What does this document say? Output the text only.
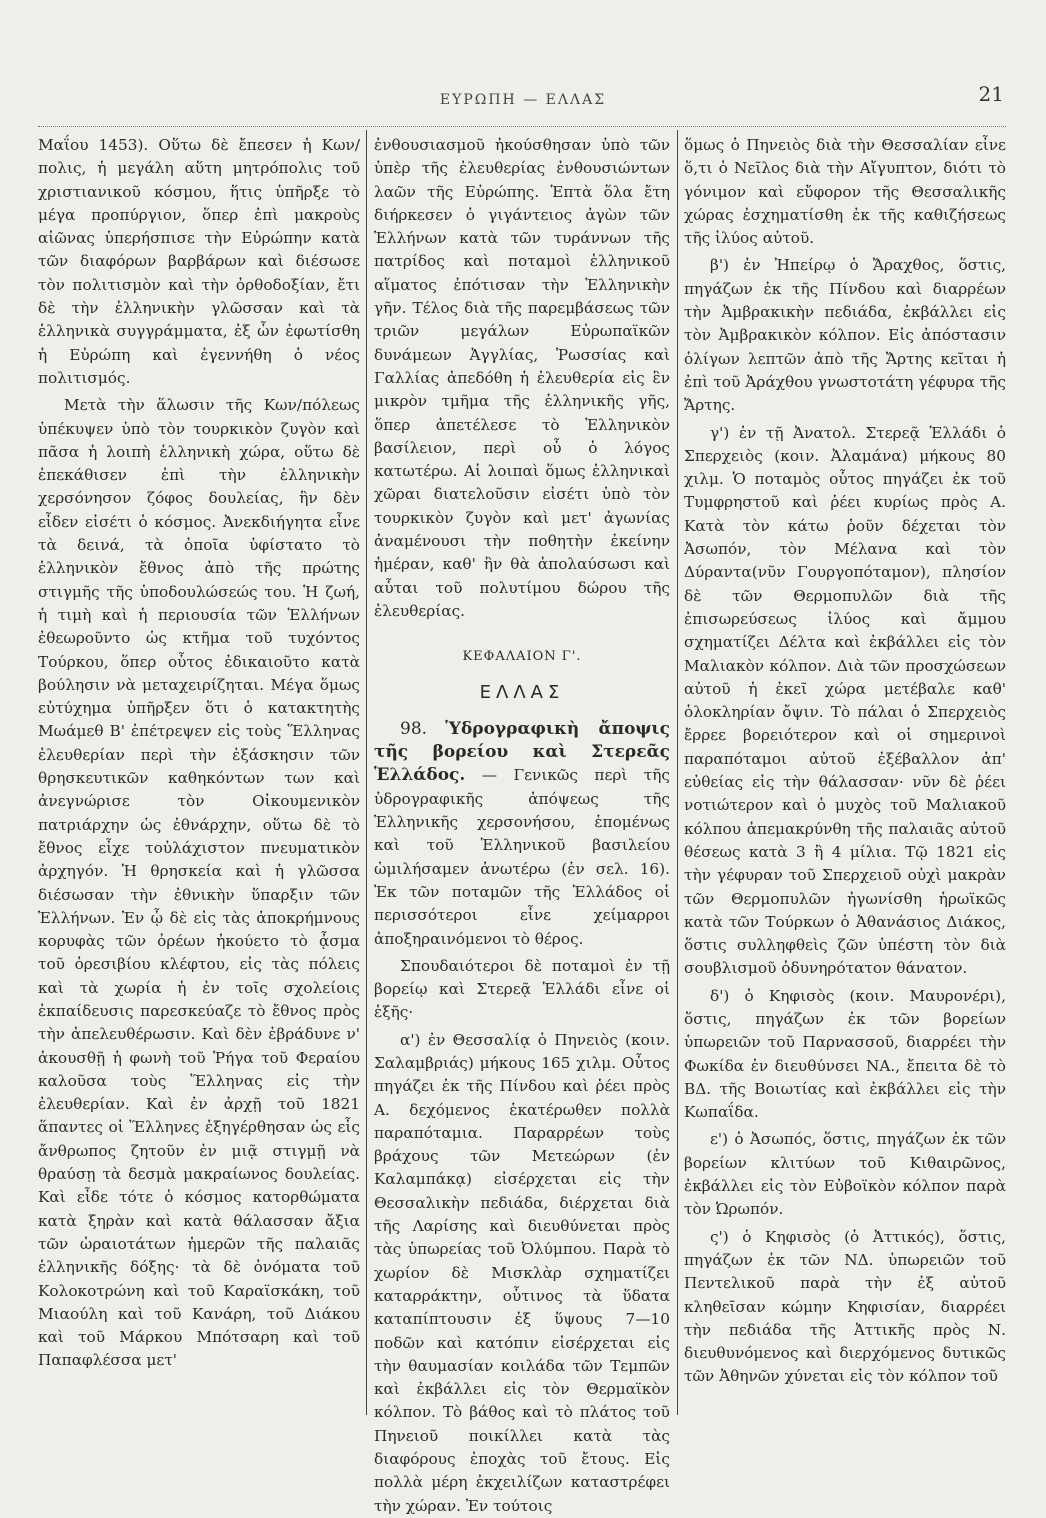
ΕΥΡΩΠΗ — ΕΛΛΑΣ	21

Μαΐου 1453). Οὕτω δὲ ἔπεσεν ἡ Κων/πολις, ἡ μεγάλη αὕτη μητρόπολις τοῦ χριστιανικοῦ κόσμου, ἥτις ὑπῆρξε τὸ μέγα προπύργιον, ὅπερ ἐπὶ μακροὺς αἰῶνας ὑπερήσπισε τὴν Εὐρώπην κατὰ τῶν διαφόρων βαρβάρων καὶ διέσωσε τὸν πολιτισμὸν καὶ τὴν ὀρθοδοξίαν, ἔτι δὲ τὴν ἑλληνικὴν γλῶσσαν καὶ τὰ ἑλληνικὰ συγγράμματα, ἐξ ὧν ἐφωτίσθη ἡ Εὐρώπη καὶ ἐγεννήθη ὁ νέος πολιτισμός.

Μετὰ τὴν ἅλωσιν τῆς Κων/πόλεως ὑπέκυψεν ὑπὸ τὸν τουρκικὸν ζυγὸν καὶ πᾶσα ἡ λοιπὴ ἑλληνικὴ χώρα, οὕτω δὲ ἐπεκάθισεν ἐπὶ τὴν ἑλληνικὴν χερσόνησον ζόφος δουλείας, ἣν δὲν εἶδεν εἰσέτι ὁ κόσμος. Ἀνεκδιήγητα εἶνε τὰ δεινά, τὰ ὁποῖα ὑφίστατο τὸ ἑλληνικὸν ἔθνος ἀπὸ τῆς πρώτης στιγμῆς τῆς ὑποδουλώσεώς του. Ἡ ζωή, ἡ τιμὴ καὶ ἡ περιουσία τῶν Ἑλλήνων ἐθεωροῦντο ὡς κτῆμα τοῦ τυχόντος Τούρκου, ὅπερ οὗτος ἐδικαιοῦτο κατὰ βούλησιν νὰ μεταχειρίζηται. Μέγα ὅμως εὐτύχημα ὑπῆρξεν ὅτι ὁ κατακτητὴς Μωάμεθ Β' ἐπέτρεψεν εἰς τοὺς Ἕλληνας ἐλευθερίαν περὶ τὴν ἐξάσκησιν τῶν θρησκευτικῶν καθηκόντων των καὶ ἀνεγνώρισε τὸν Οἰκουμενικὸν πατριάρχην ὡς ἐθνάρχην, οὕτω δὲ τὸ ἔθνος εἶχε τοὐλάχιστον πνευματικὸν ἀρχηγόν. Ἡ θρησκεία καὶ ἡ γλῶσσα διέσωσαν τὴν ἐθνικὴν ὕπαρξιν τῶν Ἑλλήνων. Ἐν ᾧ δὲ εἰς τὰς ἀποκρήμνους κορυφὰς τῶν ὀρέων ἠκούετο τὸ ᾆσμα τοῦ ὀρεσιβίου κλέφτου, εἰς τὰς πόλεις καὶ τὰ χωρία ἡ ἐν τοῖς σχολείοις ἐκπαίδευσις παρεσκεύαζε τὸ ἔθνος πρὸς τὴν ἀπελευθέρωσιν. Καὶ δὲν ἐβράδυνε ν' ἀκουσθῇ ἡ φωνὴ τοῦ Ῥήγα τοῦ Φεραίου καλοῦσα τοὺς Ἕλληνας εἰς τὴν ἐλευθερίαν. Καὶ ἐν ἀρχῇ τοῦ 1821 ἅπαντες οἱ Ἕλληνες ἐξηγέρθησαν ὡς εἷς ἄνθρωπος ζητοῦν ἐν μιᾷ στιγμῇ νὰ θραύσῃ τὰ δεσμὰ μακραίωνος δουλείας. Καὶ εἶδε τότε ὁ κόσμος κατορθώματα κατὰ ξηρὰν καὶ κατὰ θάλασσαν ἄξια τῶν ὡραιοτάτων ἡμερῶν τῆς παλαιᾶς ἑλληνικῆς δόξης· τὰ δὲ ὀνόματα τοῦ Κολοκοτρώνη καὶ τοῦ Καραϊσκάκη, τοῦ Μιαούλη καὶ τοῦ Κανάρη, τοῦ Διάκου καὶ τοῦ Μάρκου Μπότσαρη καὶ τοῦ Παπαφλέσσα μετ'

ἐνθουσιασμοῦ ἠκούσθησαν ὑπὸ τῶν ὑπὲρ τῆς ἐλευθερίας ἐνθουσιώντων λαῶν τῆς Εὐρώπης. Ἑπτὰ ὅλα ἔτη διήρκεσεν ὁ γιγάντειος ἀγὼν τῶν Ἑλλήνων κατὰ τῶν τυράννων τῆς πατρίδος καὶ ποταμοὶ ἑλληνικοῦ αἵματος ἐπότισαν τὴν Ἑλληνικὴν γῆν. Τέλος διὰ τῆς παρεμβάσεως τῶν τριῶν μεγάλων Εὐρωπαϊκῶν δυνάμεων Ἀγγλίας, Ῥωσσίας καὶ Γαλλίας ἀπεδόθη ἡ ἐλευθερία εἰς ἓν μικρὸν τμῆμα τῆς ἑλληνικῆς γῆς, ὅπερ ἀπετέλεσε τὸ Ἑλληνικὸν βασίλειον, περὶ οὗ ὁ λόγος κατωτέρω. Αἱ λοιπαὶ ὅμως ἑλληνικαὶ χῶραι διατελοῦσιν εἰσέτι ὑπὸ τὸν τουρκικὸν ζυγὸν καὶ μετ' ἀγωνίας ἀναμένουσι τὴν ποθητὴν ἐκείνην ἡμέραν, καθ' ἣν θὰ ἀπολαύσωσι καὶ αὗται τοῦ πολυτίμου δώρου τῆς ἐλευθερίας.

ΚΕΦΑΛΑΙΟΝ Γ'.
ΕΛΛΑΣ

98. Ὑδρογραφικὴ ἄποψις τῆς βορείου καὶ Στερεᾶς Ἑλλάδος. — Γενικῶς περὶ τῆς ὑδρογραφικῆς ἀπόψεως τῆς Ἑλληνικῆς χερσονήσου, ἑπομένως καὶ τοῦ Ἑλληνικοῦ βασιλείου ὡμιλήσαμεν ἀνωτέρω (ἐν σελ. 16). Ἐκ τῶν ποταμῶν τῆς Ἑλλάδος οἱ περισσότεροι εἶνε χείμαρροι ἀποξηραινόμενοι τὸ θέρος.

Σπουδαιότεροι δὲ ποταμοὶ ἐν τῇ βορείῳ καὶ Στερεᾷ Ἑλλάδι εἶνε οἱ ἑξῆς·

α') ἐν Θεσσαλίᾳ ὁ Πηνειὸς (κοιν. Σαλαμβριάς) μήκους 165 χιλμ. Οὗτος πηγάζει ἐκ τῆς Πίνδου καὶ ῥέει πρὸς Α. δεχόμενος ἑκατέρωθεν πολλὰ παραπόταμια. Παραρρέων τοὺς βράχους τῶν Μετεώρων (ἐν Καλαμπάκᾳ) εἰσέρχεται εἰς τὴν Θεσσαλικὴν πεδιάδα, διέρχεται διὰ τῆς Λαρίσης καὶ διευθύνεται πρὸς τὰς ὑπωρείας τοῦ Ὀλύμπου. Παρὰ τὸ χωρίον δὲ Μισκλὰρ σχηματίζει καταρράκτην, οὗτινος τὰ ὕδατα καταπίπτουσιν ἐξ ὕψους 7—10 ποδῶν καὶ κατόπιν εἰσέρχεται εἰς τὴν θαυμασίαν κοιλάδα τῶν Τεμπῶν καὶ ἐκβάλλει εἰς τὸν Θερμαϊκὸν κόλπον. Τὸ βάθος καὶ τὸ πλάτος τοῦ Πηνειοῦ ποικίλλει κατὰ τὰς διαφόρους ἐποχὰς τοῦ ἔτους. Εἰς πολλὰ μέρη ἐκχειλίζων καταστρέφει τὴν χώραν. Ἐν τούτοις

ὅμως ὁ Πηνειὸς διὰ τὴν Θεσσαλίαν εἶνε ὅ,τι ὁ Νεῖλος διὰ τὴν Αἴγυπτον, διότι τὸ γόνιμον καὶ εὔφορον τῆς Θεσσαλικῆς χώρας ἐσχηματίσθη ἐκ τῆς καθιζήσεως τῆς ἰλύος αὐτοῦ.

β') ἐν Ἠπείρῳ ὁ Ἄραχθος, ὅστις, πηγάζων ἐκ τῆς Πίνδου καὶ διαρρέων τὴν Ἀμβρακικὴν πεδιάδα, ἐκβάλλει εἰς τὸν Ἀμβρακικὸν κόλπον. Εἰς ἀπόστασιν ὀλίγων λεπτῶν ἀπὸ τῆς Ἄρτης κεῖται ἡ ἐπὶ τοῦ Ἀράχθου γνωστοτάτη γέφυρα τῆς Ἄρτης.

γ') ἐν τῇ Ἀνατολ. Στερεᾷ Ἑλλάδι ὁ Σπερχειὸς (κοιν. Ἀλαμάνα) μήκους 80 χιλμ. Ὁ ποταμὸς οὗτος πηγάζει ἐκ τοῦ Τυμφρηστοῦ καὶ ῥέει κυρίως πρὸς Α. Κατὰ τὸν κάτω ῥοῦν δέχεται τὸν Ἀσωπόν, τὸν Μέλανα καὶ τὸν Δύραντα(νῦν Γουργοπόταμον), πλησίον δὲ τῶν Θερμοπυλῶν διὰ τῆς ἐπισωρεύσεως ἰλύος καὶ ἄμμου σχηματίζει Δέλτα καὶ ἐκβάλλει εἰς τὸν Μαλιακὸν κόλπον. Διὰ τῶν προσχώσεων αὐτοῦ ἡ ἐκεῖ χώρα μετέβαλε καθ' ὁλοκληρίαν ὄψιν. Τὸ πάλαι ὁ Σπερχειὸς ἔρρεε βορειότερον καὶ οἱ σημερινοὶ παραπόταμοι αὐτοῦ ἐξέβαλλον ἀπ' εὐθείας εἰς τὴν θάλασσαν· νῦν δὲ ῥέει νοτιώτερον καὶ ὁ μυχὸς τοῦ Μαλιακοῦ κόλπου ἀπεμακρύνθη τῆς παλαιᾶς αὐτοῦ θέσεως κατὰ 3 ἢ 4 μίλια. Τῷ 1821 εἰς τὴν γέφυραν τοῦ Σπερχειοῦ οὐχὶ μακρὰν τῶν Θερμοπυλῶν ἠγωνίσθη ἡρωϊκῶς κατὰ τῶν Τούρκων ὁ Ἀθανάσιος Διάκος, ὅστις συλληφθεὶς ζῶν ὑπέστη τὸν διὰ σουβλισμοῦ ὀδυνηρότατον θάνατον.

δ') ὁ Κηφισὸς (κοιν. Μαυρονέρι), ὅστις, πηγάζων ἐκ τῶν βορείων ὑπωρειῶν τοῦ Παρνασσοῦ, διαρρέει τὴν Φωκίδα ἐν διευθύνσει ΝΑ., ἔπειτα δὲ τὸ ΒΔ. τῆς Βοιωτίας καὶ ἐκβάλλει εἰς τὴν Κωπαΐδα.

ε') ὁ Ἀσωπός, ὅστις, πηγάζων ἐκ τῶν βορείων κλιτύων τοῦ Κιθαιρῶνος, ἐκβάλλει εἰς τὸν Εὐβοϊκὸν κόλπον παρὰ τὸν Ὠρωπόν.

ς') ὁ Κηφισὸς (ὁ Ἀττικός), ὅστις, πηγάζων ἐκ τῶν ΝΔ. ὑπωρειῶν τοῦ Πεντελικοῦ παρὰ τὴν ἐξ αὐτοῦ κληθεῖσαν κώμην Κηφισίαν, διαρρέει τὴν πεδιάδα τῆς Ἀττικῆς πρὸς Ν. διευθυνόμενος καὶ διερχόμενος δυτικῶς τῶν Ἀθηνῶν χύνεται εἰς τὸν κόλπον τοῦ
